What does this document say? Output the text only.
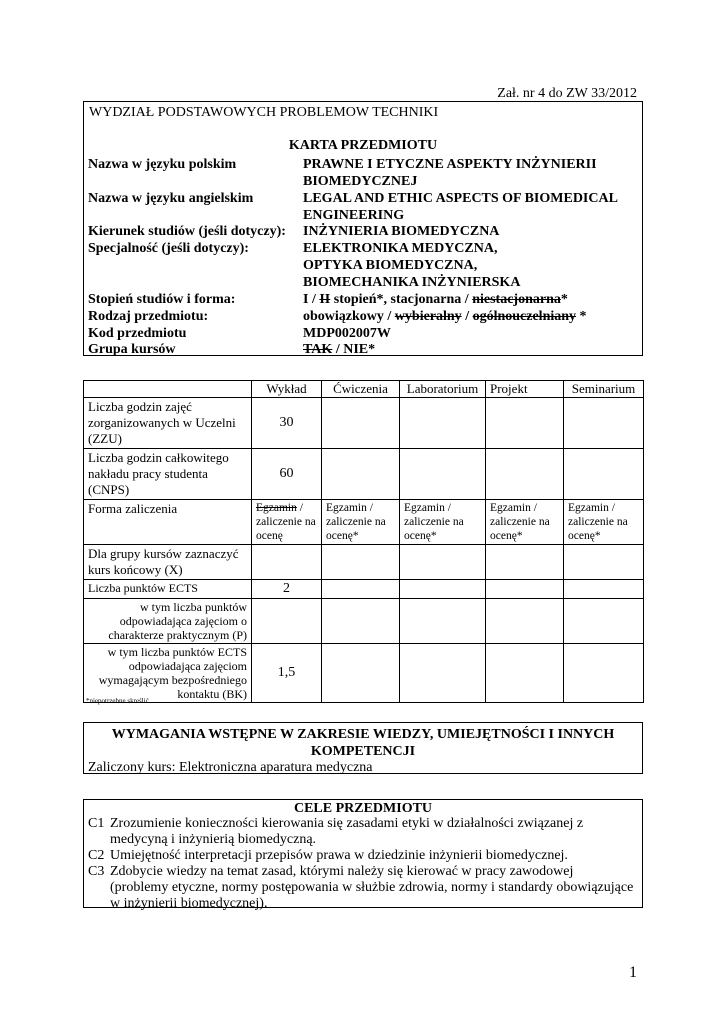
Zał. nr 4 do ZW 33/2012
WYDZIAŁ PODSTAWOWYCH PROBLEMOW TECHNIKI
KARTA PRZEDMIOTU
Nazwa w języku polskim	PRAWNE I ETYCZNE ASPEKTY INŻYNIERII BIOMEDYCZNEJ
Nazwa w języku angielskim	LEGAL AND ETHIC ASPECTS OF BIOMEDICAL ENGINEERING
Kierunek studiów (jeśli dotyczy):	INŻYNIERIA BIOMEDYCZNA
Specjalność (jeśli dotyczy):	ELEKTRONIKA MEDYCZNA,
OPTYKA BIOMEDYCZNA,
BIOMECHANIKA INŻYNIERSKA
Stopień studiów i forma:	I / II stopień*, stacjonarna / niestacjonarna*
Rodzaj przedmiotu:	obowiązkowy / wybieralny / ogólnouczelniany *
Kod przedmiotu	MDP002007W
Grupa kursów	TAK / NIE*
	Wykład	Ćwiczenia	Laboratorium	Projekt	Seminarium
Liczba godzin zajęć zorganizowanych w Uczelni (ZZU)	30				
Liczba godzin całkowitego nakładu pracy studenta (CNPS)	60				
Forma zaliczenia	Egzamin / zaliczenie na ocenę	Egzamin / zaliczenie na ocenę*	Egzamin / zaliczenie na ocenę*	Egzamin / zaliczenie na ocenę*	Egzamin / zaliczenie na ocenę*
Dla grupy kursów zaznaczyć kurs końcowy (X)					
Liczba punktów ECTS	2				
w tym liczba punktów odpowiadająca zajęciom o charakterze praktycznym (P)					
w tym liczba punktów ECTS odpowiadająca zajęciom wymagającym bezpośredniego kontaktu (BK)	1,5				
*niepotrzebne skreślić
WYMAGANIA WSTĘPNE W ZAKRESIE WIEDZY, UMIEJĘTNOŚCI I INNYCH KOMPETENCJI
Zaliczony kurs: Elektroniczna aparatura medyczna
CELE PRZEDMIOTU
C1 Zrozumienie konieczności kierowania się zasadami etyki w działalności związanej z medycyną i inżynierią biomedyczną.
C2 Umiejętność interpretacji przepisów prawa w dziedzinie inżynierii biomedycznej.
C3 Zdobycie wiedzy na temat zasad, którymi należy się kierować w pracy zawodowej (problemy etyczne, normy postępowania w służbie zdrowia, normy i standardy obowiązujące w inżynierii biomedycznej).
1
